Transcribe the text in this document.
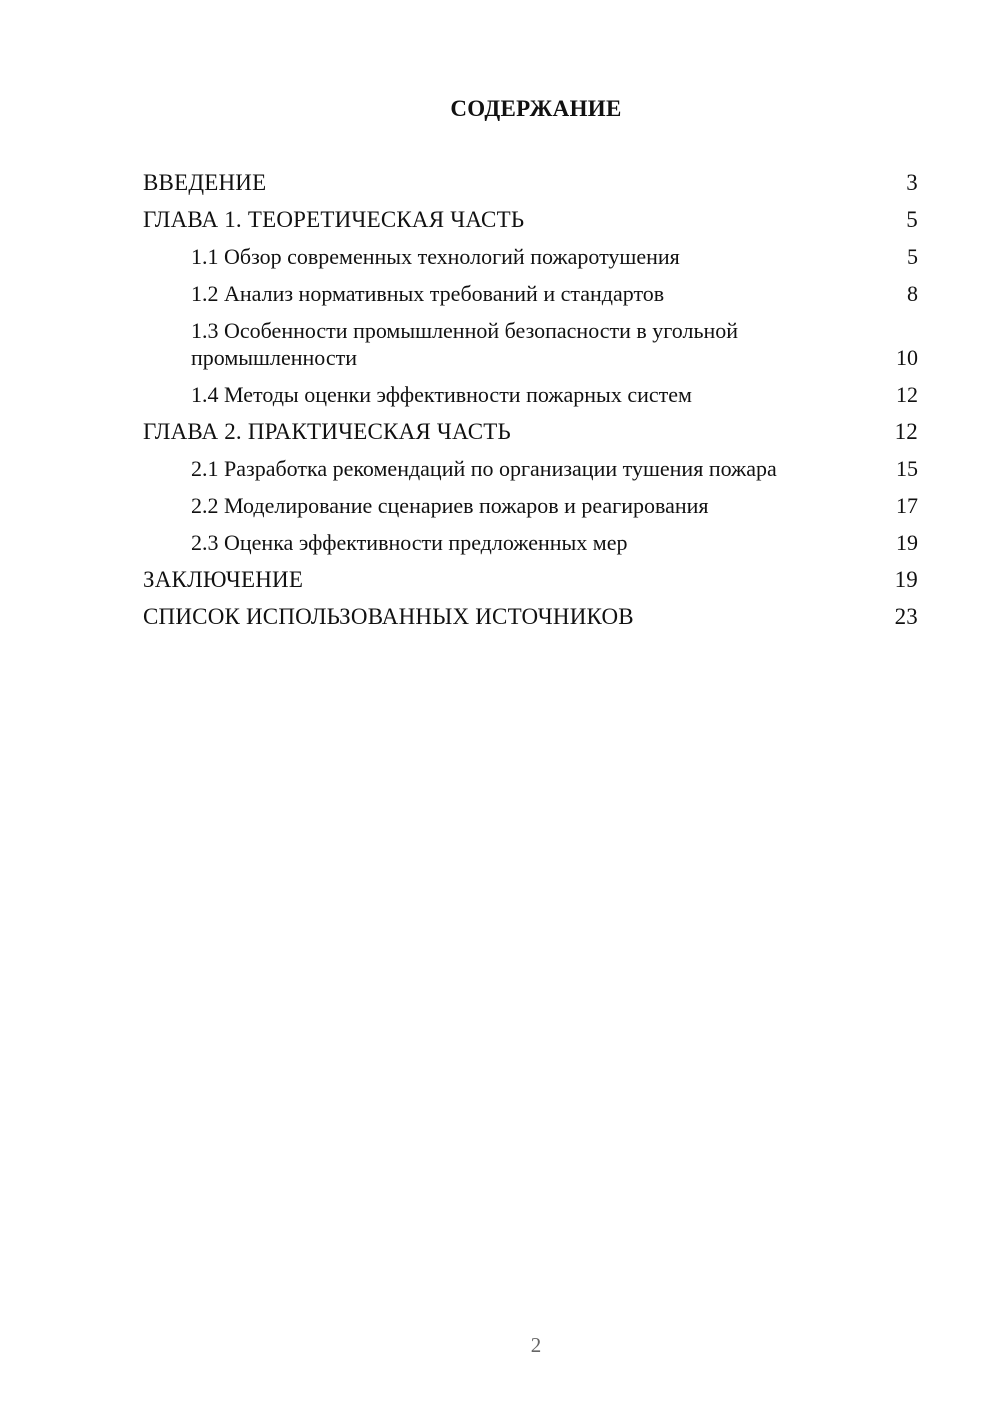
СОДЕРЖАНИЕ
ВВЕДЕНИЕ	3
ГЛАВА 1. ТЕОРЕТИЧЕСКАЯ ЧАСТЬ	5
1.1 Обзор современных технологий пожаротушения	5
1.2 Анализ нормативных требований и стандартов	8
1.3 Особенности промышленной безопасности в угольной промышленности	10
1.4 Методы оценки эффективности пожарных систем	12
ГЛАВА 2. ПРАКТИЧЕСКАЯ ЧАСТЬ	12
2.1 Разработка рекомендаций по организации тушения пожара	15
2.2 Моделирование сценариев пожаров и реагирования	17
2.3 Оценка эффективности предложенных мер	19
ЗАКЛЮЧЕНИЕ	19
СПИСОК ИСПОЛЬЗОВАННЫХ ИСТОЧНИКОВ	23
2
